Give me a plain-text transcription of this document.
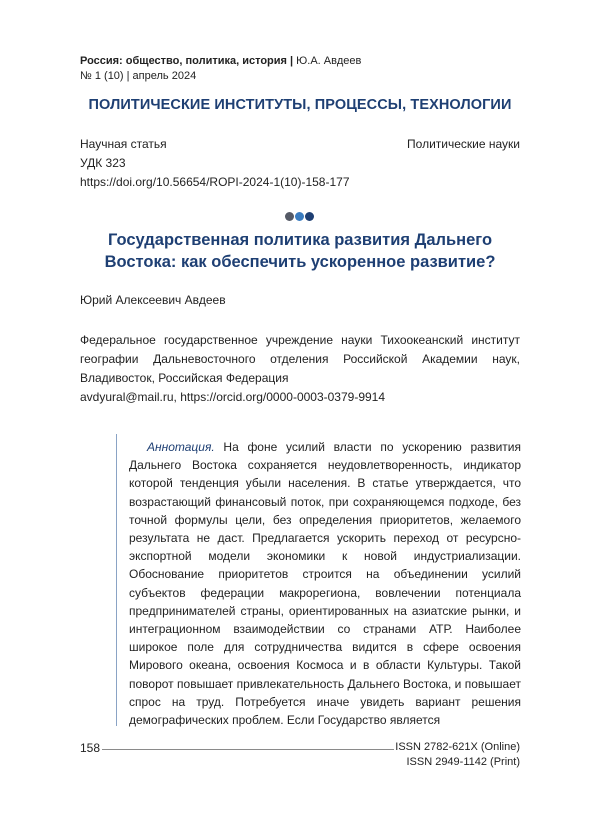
Россия: общество, политика, история | Ю.А. Авдеев
№ 1 (10) | апрель 2024
ПОЛИТИЧЕСКИЕ ИНСТИТУТЫ, ПРОЦЕССЫ, ТЕХНОЛОГИИ
Научная статья	Политические науки
УДК 323
https://doi.org/10.56654/ROPI-2024-1(10)-158-177
Государственная политика развития Дальнего
Востока: как обеспечить ускоренное развитие?
Юрий Алексеевич Авдеев
Федеральное государственное учреждение науки Тихоокеанский институт географии Дальневосточного отделения Российской Академии наук, Владивосток, Российская Федерация
avdyural@mail.ru, https://orcid.org/0000-0003-0379-9914

Аннотация. На фоне усилий власти по ускорению развития Дальнего Востока сохраняется неудовлетворенность, индикатор которой тенденция убыли населения. В статье утверждается, что возрастающий финансовый поток, при сохраняющемся подходе, без точной формулы цели, без определения приоритетов, желаемого результата не даст. Предлагается ускорить переход от ресурсно-экспортной модели экономики к новой индустриализации. Обоснование приоритетов строится на объединении усилий субъектов федерации макрорегиона, вовлечении потенциала предпринимателей страны, ориентированных на азиатские рынки, и интеграционном взаимодействии со странами АТР. Наиболее широкое поле для сотрудничества видится в сфере освоения Мирового океана, освоения Космоса и в области Культуры. Такой поворот повышает привлекательность Дальнего Востока, и повышает спрос на труд. Потребуется иначе увидеть вариант решения демографических проблем. Если Государство является

158	ISSN 2782-621X (Online)
ISSN 2949-1142 (Print)
